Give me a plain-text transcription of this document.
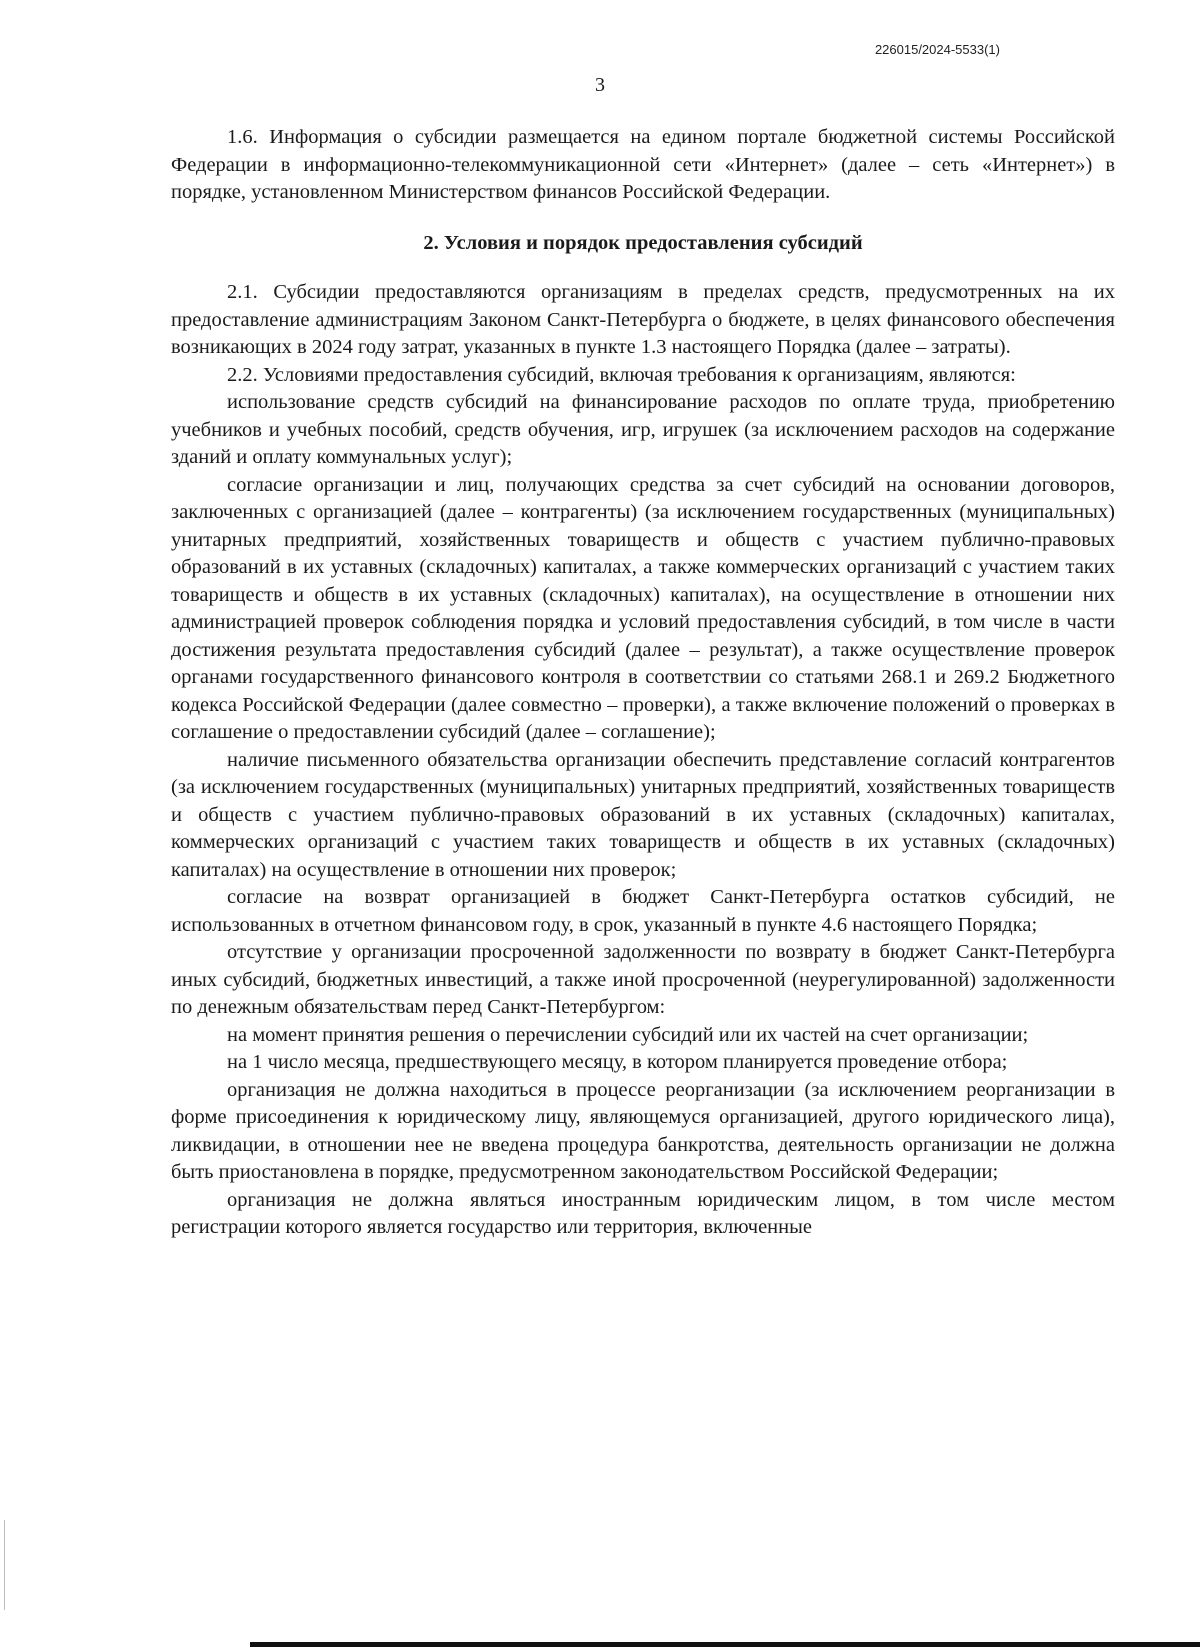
226015/2024-5533(1)
3

1.6. Информация о субсидии размещается на едином портале бюджетной системы Российской Федерации в информационно-телекоммуникационной сети «Интернет» (далее – сеть «Интернет») в порядке, установленном Министерством финансов Российской Федерации.

2. Условия и порядок предоставления субсидий

2.1. Субсидии предоставляются организациям в пределах средств, предусмотренных на их предоставление администрациям Законом Санкт-Петербурга о бюджете, в целях финансового обеспечения возникающих в 2024 году затрат, указанных в пункте 1.3 настоящего Порядка (далее – затраты).

2.2. Условиями предоставления субсидий, включая требования к организациям, являются:

использование средств субсидий на финансирование расходов по оплате труда, приобретению учебников и учебных пособий, средств обучения, игр, игрушек (за исключением расходов на содержание зданий и оплату коммунальных услуг);

согласие организации и лиц, получающих средства за счет субсидий на основании договоров, заключенных с организацией (далее – контрагенты) (за исключением государственных (муниципальных) унитарных предприятий, хозяйственных товариществ и обществ с участием публично-правовых образований в их уставных (складочных) капиталах, а также коммерческих организаций с участием таких товариществ и обществ в их уставных (складочных) капиталах), на осуществление в отношении них администрацией проверок соблюдения порядка и условий предоставления субсидий, в том числе в части достижения результата предоставления субсидий (далее – результат), а также осуществление проверок органами государственного финансового контроля в соответствии со статьями 268.1 и 269.2 Бюджетного кодекса Российской Федерации (далее совместно – проверки), а также включение положений о проверках в соглашение о предоставлении субсидий (далее – соглашение);

наличие письменного обязательства организации обеспечить представление согласий контрагентов (за исключением государственных (муниципальных) унитарных предприятий, хозяйственных товариществ и обществ с участием публично-правовых образований в их уставных (складочных) капиталах, коммерческих организаций с участием таких товариществ и обществ в их уставных (складочных) капиталах) на осуществление в отношении них проверок;

согласие на возврат организацией в бюджет Санкт-Петербурга остатков субсидий, не использованных в отчетном финансовом году, в срок, указанный в пункте 4.6 настоящего Порядка;

отсутствие у организации просроченной задолженности по возврату в бюджет Санкт-Петербурга иных субсидий, бюджетных инвестиций, а также иной просроченной (неурегулированной) задолженности по денежным обязательствам перед Санкт-Петербургом:

на момент принятия решения о перечислении субсидий или их частей на счет организации;

на 1 число месяца, предшествующего месяцу, в котором планируется проведение отбора;

организация не должна находиться в процессе реорганизации (за исключением реорганизации в форме присоединения к юридическому лицу, являющемуся организацией, другого юридического лица), ликвидации, в отношении нее не введена процедура банкротства, деятельность организации не должна быть приостановлена в порядке, предусмотренном законодательством Российской Федерации;

организация не должна являться иностранным юридическим лицом, в том числе местом регистрации которого является государство или территория, включенные
